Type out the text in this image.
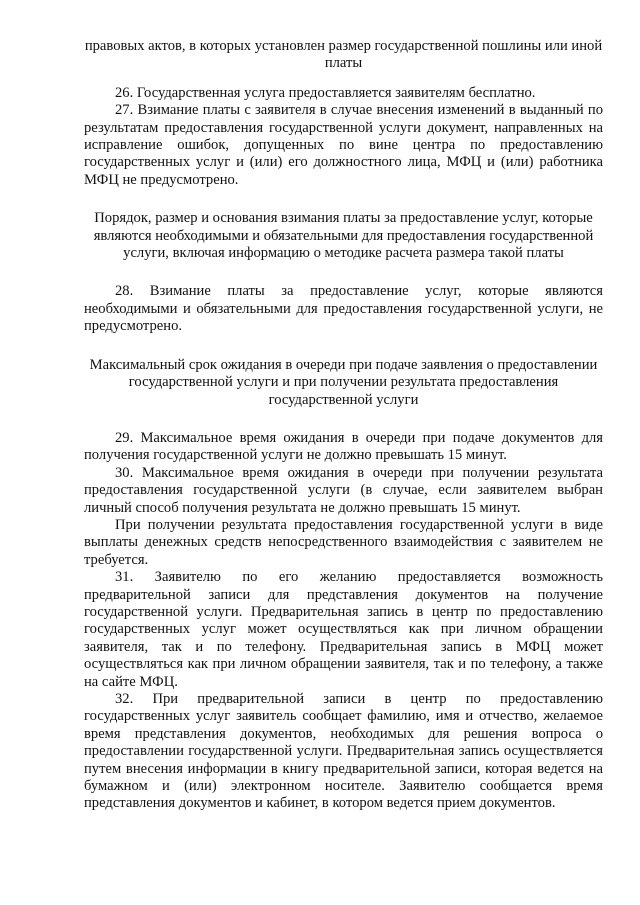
правовых актов, в которых установлен размер государственной пошлины или иной платы

26. Государственная услуга предоставляется заявителям бесплатно.

27. Взимание платы с заявителя в случае внесения изменений в выданный по результатам предоставления государственной услуги документ, направленных на исправление ошибок, допущенных по вине центра по предоставлению государственных услуг и (или) его должностного лица, МФЦ и (или) работника МФЦ не предусмотрено.

Порядок, размер и основания взимания платы за предоставление услуг, которые являются необходимыми и обязательными для предоставления государственной услуги, включая информацию о методике расчета размера такой платы

28. Взимание платы за предоставление услуг, которые являются необходимыми и обязательными для предоставления государственной услуги, не предусмотрено.

Максимальный срок ожидания в очереди при подаче заявления о предоставлении государственной услуги и при получении результата предоставления государственной услуги

29. Максимальное время ожидания в очереди при подаче документов для получения государственной услуги не должно превышать 15 минут.

30. Максимальное время ожидания в очереди при получении результата предоставления государственной услуги (в случае, если заявителем выбран личный способ получения результата не должно превышать 15 минут.

При получении результата предоставления государственной услуги в виде выплаты денежных средств непосредственного взаимодействия с заявителем не требуется.

31. Заявителю по его желанию предоставляется возможность предварительной записи для представления документов на получение государственной услуги. Предварительная запись в центр по предоставлению государственных услуг может осуществляться как при личном обращении заявителя, так и по телефону. Предварительная запись в МФЦ может осуществляться как при личном обращении заявителя, так и по телефону, а также на сайте МФЦ.

32. При предварительной записи в центр по предоставлению государственных услуг заявитель сообщает фамилию, имя и отчество, желаемое время представления документов, необходимых для решения вопроса о предоставлении государственной услуги. Предварительная запись осуществляется путем внесения информации в книгу предварительной записи, которая ведется на бумажном и (или) электронном носителе. Заявителю сообщается время представления документов и кабинет, в котором ведется прием документов.
